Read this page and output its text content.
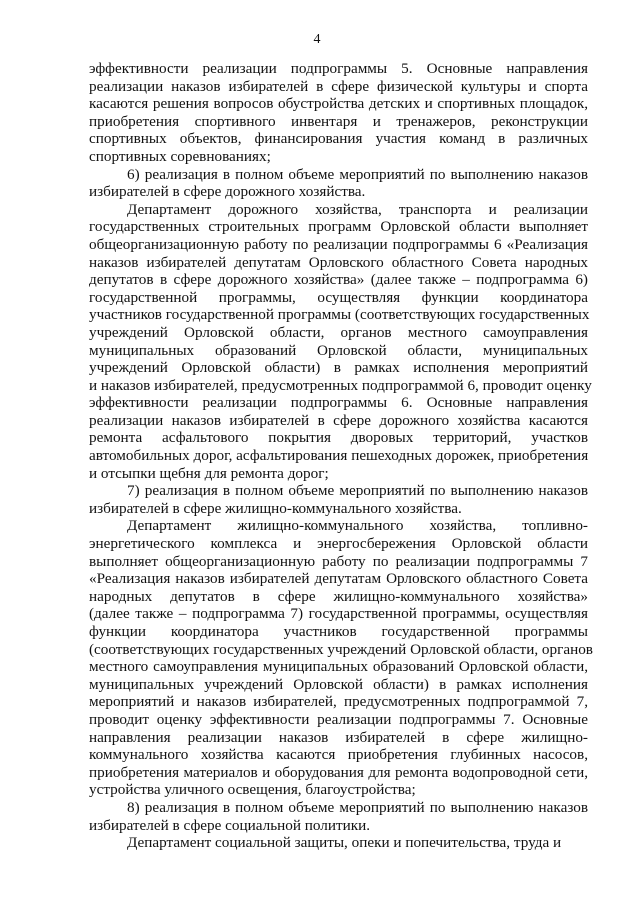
4

эффективности реализации подпрограммы 5. Основные направления
реализации наказов избирателей в сфере физической культуры и спорта
касаются решения вопросов обустройства детских и спортивных площадок,
приобретения спортивного инвентаря и тренажеров, реконструкции
спортивных объектов, финансирования участия команд в различных
спортивных соревнованиях;

6) реализация в полном объеме мероприятий по выполнению наказов
избирателей в сфере дорожного хозяйства.

Департамент дорожного хозяйства, транспорта и реализации
государственных строительных программ Орловской области выполняет
общеорганизационную работу по реализации подпрограммы 6 «Реализация
наказов избирателей депутатам Орловского областного Совета народных
депутатов в сфере дорожного хозяйства» (далее также – подпрограмма 6)
государственной программы, осуществляя функции координатора
участников государственной программы (соответствующих государственных
учреждений Орловской области, органов местного самоуправления
муниципальных образований Орловской области, муниципальных
учреждений Орловской области) в рамках исполнения мероприятий
и наказов избирателей, предусмотренных подпрограммой 6, проводит оценку
эффективности реализации подпрограммы 6. Основные направления
реализации наказов избирателей в сфере дорожного хозяйства касаются
ремонта асфальтового покрытия дворовых территорий, участков
автомобильных дорог, асфальтирования пешеходных дорожек, приобретения
и отсыпки щебня для ремонта дорог;

7) реализация в полном объеме мероприятий по выполнению наказов
избирателей в сфере жилищно-коммунального хозяйства.

Департамент жилищно-коммунального хозяйства, топливно-
энергетического комплекса и энергосбережения Орловской области
выполняет общеорганизационную работу по реализации подпрограммы 7
«Реализация наказов избирателей депутатам Орловского областного Совета
народных депутатов в сфере жилищно-коммунального хозяйства»
(далее также – подпрограмма 7) государственной программы, осуществляя
функции координатора участников государственной программы
(соответствующих государственных учреждений Орловской области, органов
местного самоуправления муниципальных образований Орловской области,
муниципальных учреждений Орловской области) в рамках исполнения
мероприятий и наказов избирателей, предусмотренных подпрограммой 7,
проводит оценку эффективности реализации подпрограммы 7. Основные
направления реализации наказов избирателей в сфере жилищно-
коммунального хозяйства касаются приобретения глубинных насосов,
приобретения материалов и оборудования для ремонта водопроводной сети,
устройства уличного освещения, благоустройства;

8) реализация в полном объеме мероприятий по выполнению наказов
избирателей в сфере социальной политики.

Департамент социальной защиты, опеки и попечительства, труда и
